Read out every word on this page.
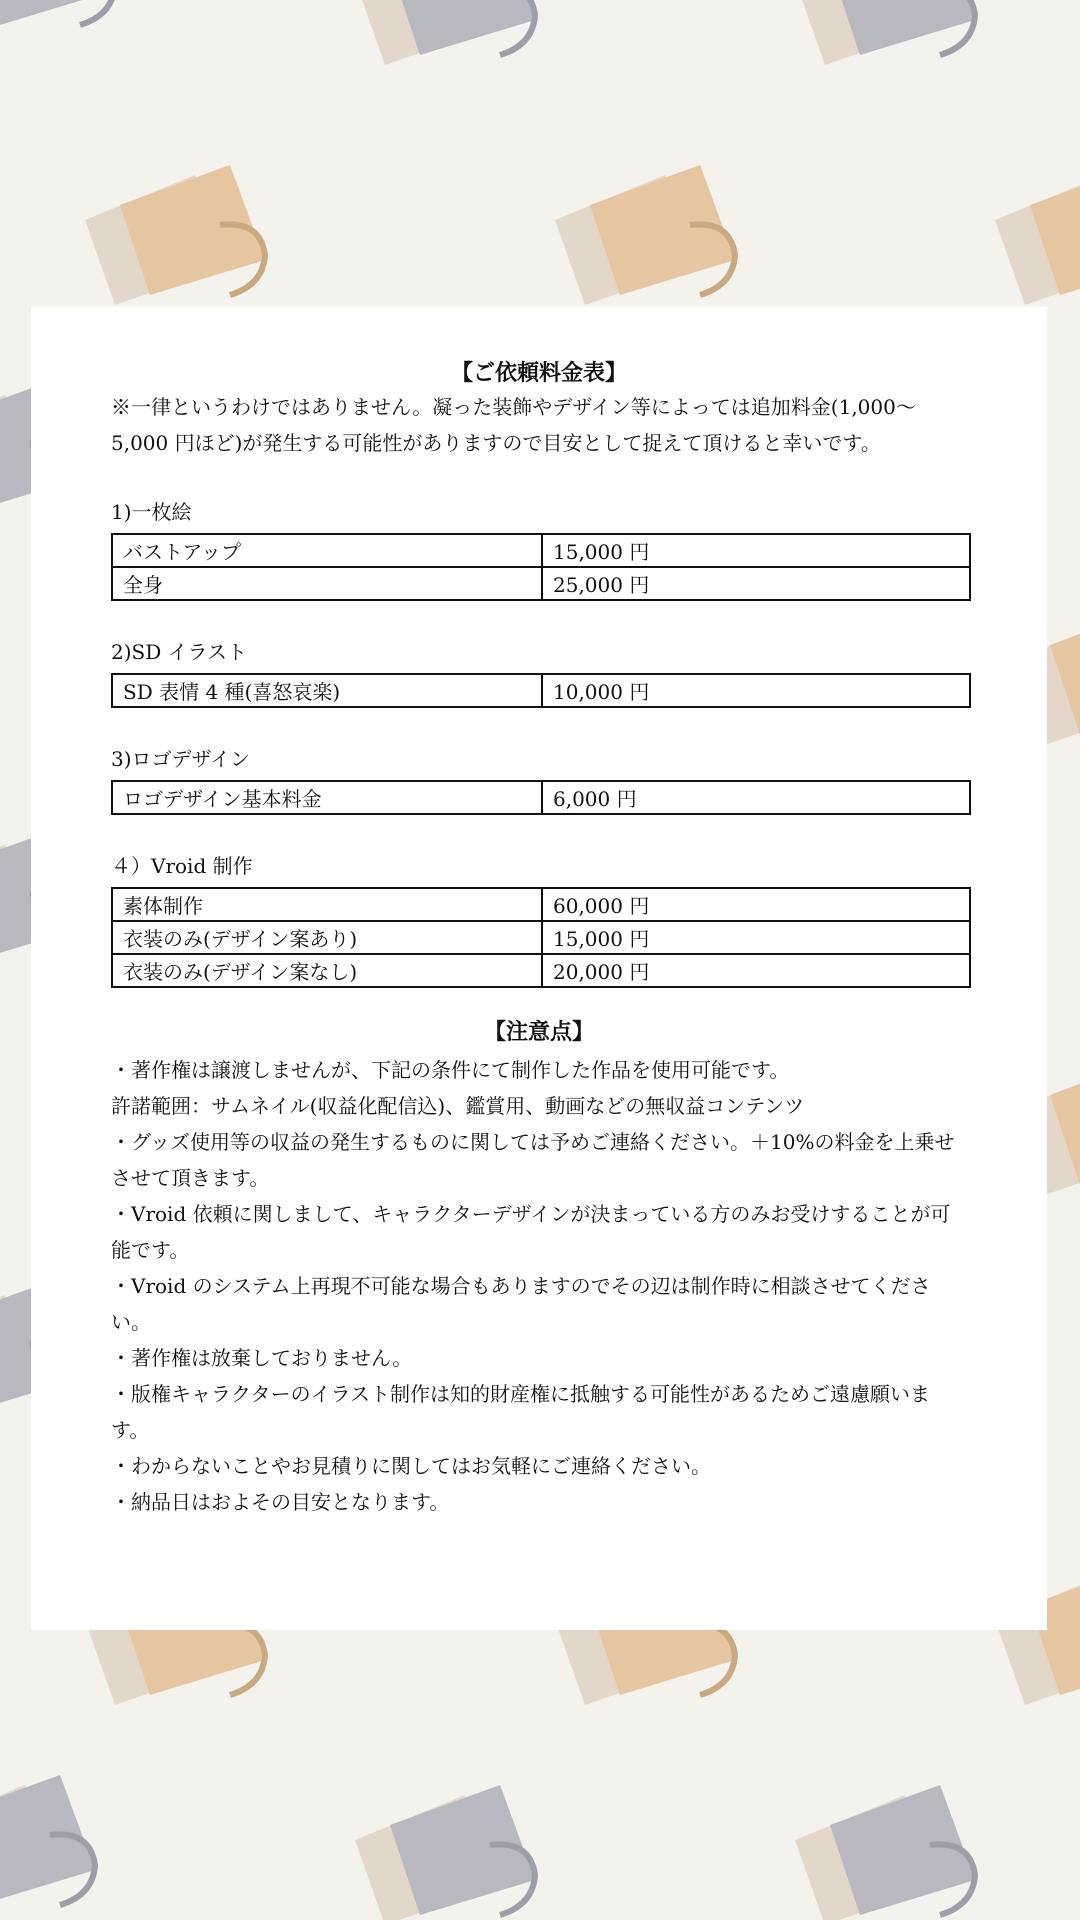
【ご依頼料金表】

※一律というわけではありません。凝った装飾やデザイン等によっては追加料金(1,000〜5,000 円ほど)が発生する可能性がありますので目安として捉えて頂けると幸いです。

1)一枚絵
バストアップ	15,000 円
全身	25,000 円
2)SD イラスト
SD 表情 4 種(喜怒哀楽)	10,000 円
3)ロゴデザイン
ロゴデザイン基本料金	6,000 円
４）Vroid 制作
素体制作	60,000 円
衣装のみ(デザイン案あり)	15,000 円
衣装のみ(デザイン案なし)	20,000 円
【注意点】
・著作権は譲渡しませんが、下記の条件にて制作した作品を使用可能です。
許諾範囲：サムネイル(収益化配信込)、鑑賞用、動画などの無収益コンテンツ
・グッズ使用等の収益の発生するものに関しては予めご連絡ください。＋10%の料金を上乗せさせて頂きます。
・Vroid 依頼に関しまして、キャラクターデザインが決まっている方のみお受けすることが可能です。
・Vroid のシステム上再現不可能な場合もありますのでその辺は制作時に相談させてください。
・著作権は放棄しておりません。
・版権キャラクターのイラスト制作は知的財産権に抵触する可能性があるためご遠慮願います。
・わからないことやお見積りに関してはお気軽にご連絡ください。
・納品日はおよその目安となります。
